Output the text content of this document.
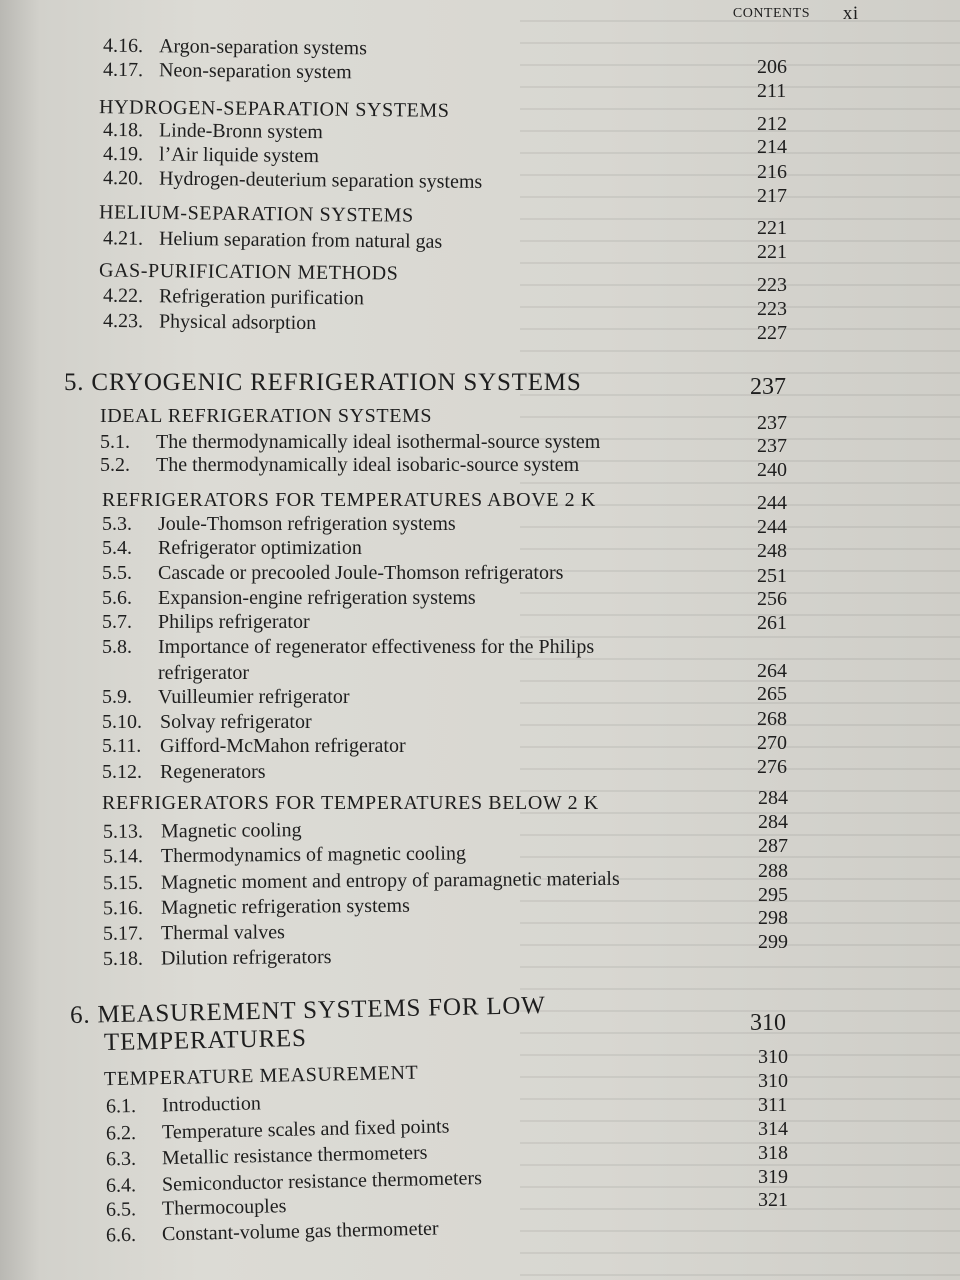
CONTENTS xi
4.16. Argon-separation systems
4.17. Neon-separation system
HYDROGEN-SEPARATION SYSTEMS
4.18. Linde-Bronn system
4.19. l’Air liquide system
4.20. Hydrogen-deuterium separation systems
HELIUM-SEPARATION SYSTEMS
4.21. Helium separation from natural gas
GAS-PURIFICATION METHODS
4.22. Refrigeration purification
4.23. Physical adsorption
5. CRYOGENIC REFRIGERATION SYSTEMS
IDEAL REFRIGERATION SYSTEMS
5.1. The thermodynamically ideal isothermal-source system
5.2. The thermodynamically ideal isobaric-source system
REFRIGERATORS FOR TEMPERATURES ABOVE 2 K
5.3. Joule-Thomson refrigeration systems
5.4. Refrigerator optimization
5.5. Cascade or precooled Joule-Thomson refrigerators
5.6. Expansion-engine refrigeration systems
5.7. Philips refrigerator
5.8. Importance of regenerator effectiveness for the Philips
refrigerator
5.9. Vuilleumier refrigerator
5.10. Solvay refrigerator
5.11. Gifford-McMahon refrigerator
5.12. Regenerators
REFRIGERATORS FOR TEMPERATURES BELOW 2 K
5.13. Magnetic cooling
5.14. Thermodynamics of magnetic cooling
5.15. Magnetic moment and entropy of paramagnetic materials
5.16. Magnetic refrigeration systems
5.17. Thermal valves
5.18. Dilution refrigerators
6. MEASUREMENT SYSTEMS FOR LOW
TEMPERATURES
TEMPERATURE MEASUREMENT
6.1. Introduction
6.2. Temperature scales and fixed points
6.3. Metallic resistance thermometers
6.4. Semiconductor resistance thermometers
6.5. Thermocouples
6.6. Constant-volume gas thermometer
206
211
212
214
216
217
221
221
223
223
227
237
237
237
240
244
244
248
251
256
261
264
265
268
270
276
284
284
287
288
295
298
299
310
310
310
311
314
318
319
321
